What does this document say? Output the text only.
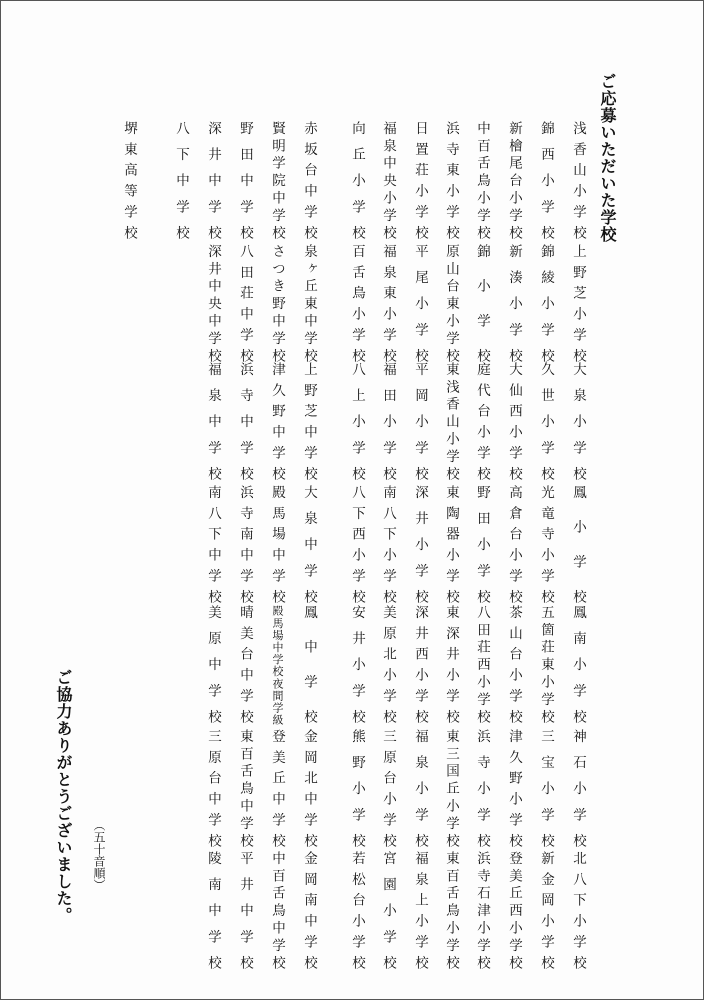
ご応募いただいた学校
浅香山小学校
上野芝小学校
大泉小学校
鳳　小　学　校
鳳南小学校
神石小学校
北八下小学校
錦西小学校
錦綾小学校
久世小学校
光竜寺小学校
五箇荘東小学校
三宝小学校
新金岡小学校
新檜尾台小学校
新湊小学校
大仙西小学校
高倉台小学校
茶山台小学校
津久野小学校
登美丘西小学校
中百舌鳥小学校
錦　小　学　校
庭代台小学校
野田小学校
八田荘西小学校
浜寺小学校
浜寺石津小学校
浜寺東小学校
原山台東小学校
東浅香山小学校
東陶器小学校
東深井小学校
東三国丘小学校
東百舌鳥小学校
日置荘小学校
平尾小学校
平岡小学校
深井小学校
深井西小学校
福泉小学校
福泉上小学校
福泉中央小学校
福泉東小学校
福田小学校
南八下小学校
美原北小学校
三原台小学校
宮園小学校
向丘小学校
百舌鳥小学校
八上小学校
八下西小学校
安井小学校
熊野小学校
若松台小学校
赤坂台中学校
泉ヶ丘東中学校
上野芝中学校
大泉中学校
鳳中学校
金岡北中学校
金岡南中学校
賢明学院中学校
さつき野中学校
津久野中学校
殿馬場中学校
殿馬場中学校夜間学級
登美丘中学校
中百舌鳥中学校
野田中学校
八田荘中学校
浜寺中学校
浜寺南中学校
晴美台中学校
東百舌鳥中学校
平井中学校
深井中学校
深井中央中学校
福泉中学校
南八下中学校
美原中学校
三原台中学校
陵南中学校
八下中学校
堺東高等学校
ご協力ありがとうございました。 （五十音順）
